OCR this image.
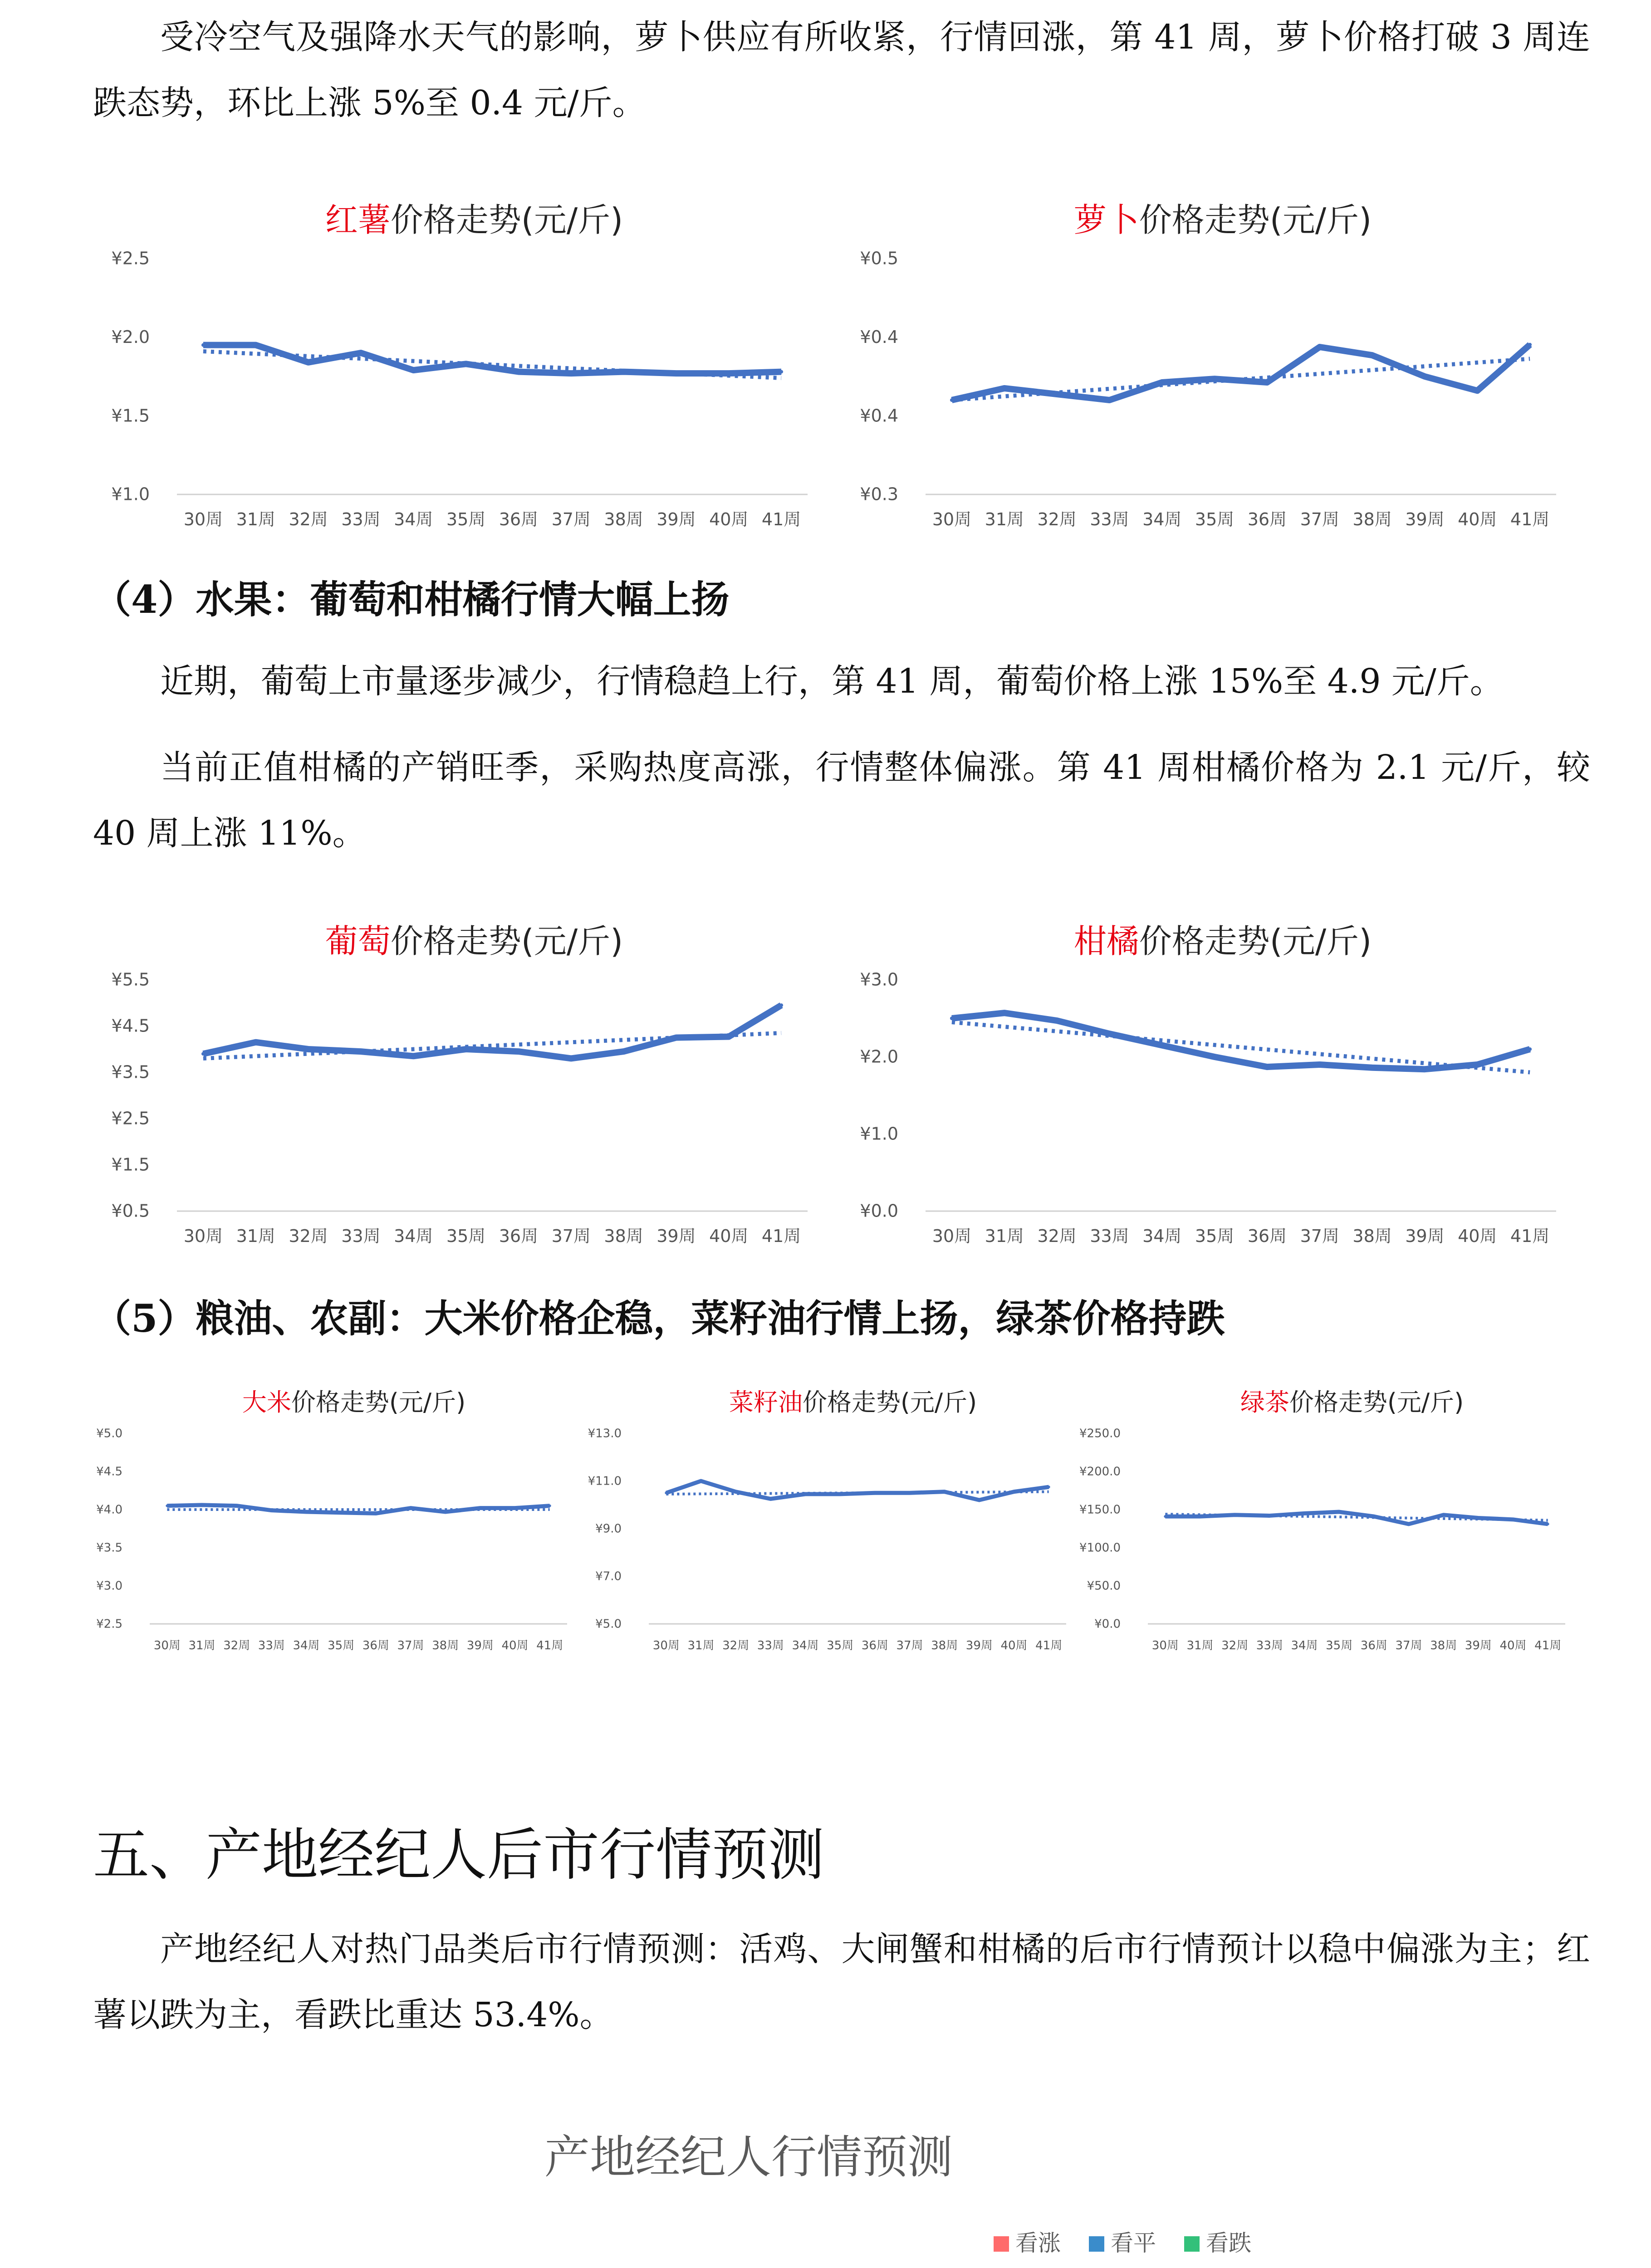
受冷空气及强降水天气的影响，萝卜供应有所收紧，行情回涨，第 41 周，萝卜价格打破 3 周连跌态势，环比上涨 5%至 0.4 元/斤。

红薯价格走势(元/斤)
¥1.0
¥1.5
¥2.0
¥2.5
30周 31周 32周 33周 34周 35周 36周 37周 38周 39周 40周 41周
萝卜价格走势(元/斤)
¥0.3
¥0.4
¥0.4
¥0.5
30周 31周 32周 33周 34周 35周 36周 37周 38周 39周 40周 41周

（4）水果：葡萄和柑橘行情大幅上扬

近期，葡萄上市量逐步减少，行情稳趋上行，第 41 周，葡萄价格上涨 15%至 4.9 元/斤。

当前正值柑橘的产销旺季，采购热度高涨，行情整体偏涨。第 41 周柑橘价格为 2.1 元/斤，较 40 周上涨 11%。

葡萄价格走势(元/斤)
¥0.5
¥1.5
¥2.5
¥3.5
¥4.5
¥5.5
30周 31周 32周 33周 34周 35周 36周 37周 38周 39周 40周 41周
柑橘价格走势(元/斤)
¥0.0
¥1.0
¥2.0
¥3.0
30周 31周 32周 33周 34周 35周 36周 37周 38周 39周 40周 41周

（5）粮油、农副：大米价格企稳，菜籽油行情上扬，绿茶价格持跌

大米价格走势(元/斤)
¥2.5
¥3.0
¥3.5
¥4.0
¥4.5
¥5.0
30周 31周 32周 33周 34周 35周 36周 37周 38周 39周 40周 41周
菜籽油价格走势(元/斤)
¥5.0
¥7.0
¥9.0
¥11.0
¥13.0
30周 31周 32周 33周 34周 35周 36周 37周 38周 39周 40周 41周
绿茶价格走势(元/斤)
¥0.0
¥50.0
¥100.0
¥150.0
¥200.0
¥250.0
30周 31周 32周 33周 34周 35周 36周 37周 38周 39周 40周 41周

五、产地经纪人后市行情预测

产地经纪人对热门品类后市行情预测：活鸡、大闸蟹和柑橘的后市行情预计以稳中偏涨为主；红薯以跌为主，看跌比重达 53.4%。

产地经纪人行情预测
看涨 看平 看跌
